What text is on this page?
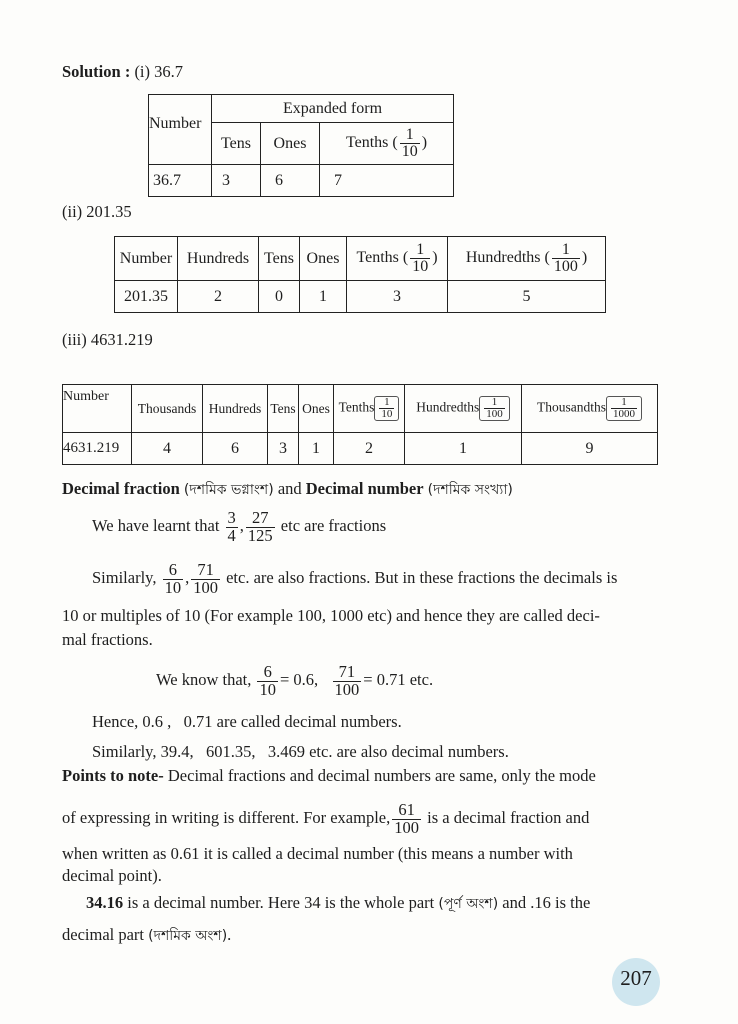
Solution : (i) 36.7
Number	Expanded form		
	Tens	Ones	Tenths ( $\frac{1}{10}$ )
36.7	3	6	7
(ii) 201.35
Number	Hundreds	Tens	Ones	Tenths ( $\frac{1}{10}$ )	Hundredths ( $\frac{1}{100}$ )
201.35	2	0	1	3	5
(iii) 4631.219
Number	Thousands	Hundreds	Tens	Ones	Tenths $\frac{1}{10}$	Hundredths $\frac{1}{100}$	Thousandths $\frac{1}{1000}$

4631.219	4	6	3	1	2	1	9
Decimal fraction (দশমিক ভগ্নাংশ) and Decimal number (দশমিক সংখ্যা)
We have learnt that $\frac{3}{4}$ , $\frac{27}{125}$ etc are fractions
Similarly, $\frac{6}{10}$ , $\frac{71}{100}$ etc. are also fractions. But in these fractions the decimals is
10 or multiples of 10 (For example 100, 1000 etc) and hence they are called deci-
mal fractions.
We know that, $\frac{6}{10} = 0.6$, $\frac{71}{100} = 0.71$ etc.
Hence, 0.6 ,   0.71 are called decimal numbers.
Similarly, 39.4,   601.35,   3.469 etc. are also decimal numbers.
Points to note- Decimal fractions and decimal numbers are same, only the mode
of expressing in writing is different. For example, $\frac{61}{100}$ is a decimal fraction and
when written as 0.61 it is called a decimal number (this means a number with
decimal point).
34.16 is a decimal number. Here 34 is the whole part (পূর্ণ অংশ) and .16 is the
decimal part (দশমিক অংশ).
207
